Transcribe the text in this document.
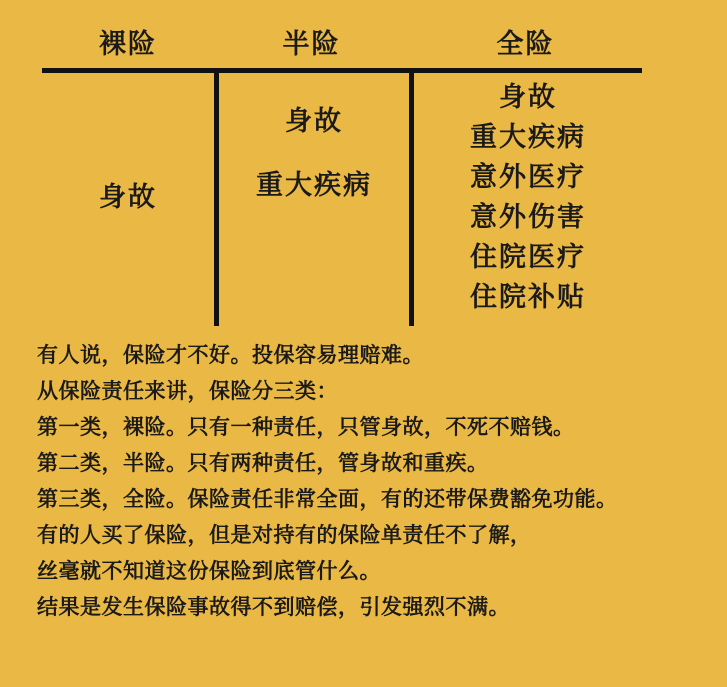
裸险	半险	全险
身故
身故
重大疾病
身故
重大疾病
意外医疗
意外伤害
住院医疗
住院补贴
有人说，保险才不好。投保容易理赔难。
从保险责任来讲，保险分三类：
第一类，裸险。只有一种责任，只管身故，不死不赔钱。
第二类，半险。只有两种责任，管身故和重疾。
第三类，全险。保险责任非常全面，有的还带保费豁免功能。
有的人买了保险，但是对持有的保险单责任不了解，
丝毫就不知道这份保险到底管什么。
结果是发生保险事故得不到赔偿，引发强烈不满。
